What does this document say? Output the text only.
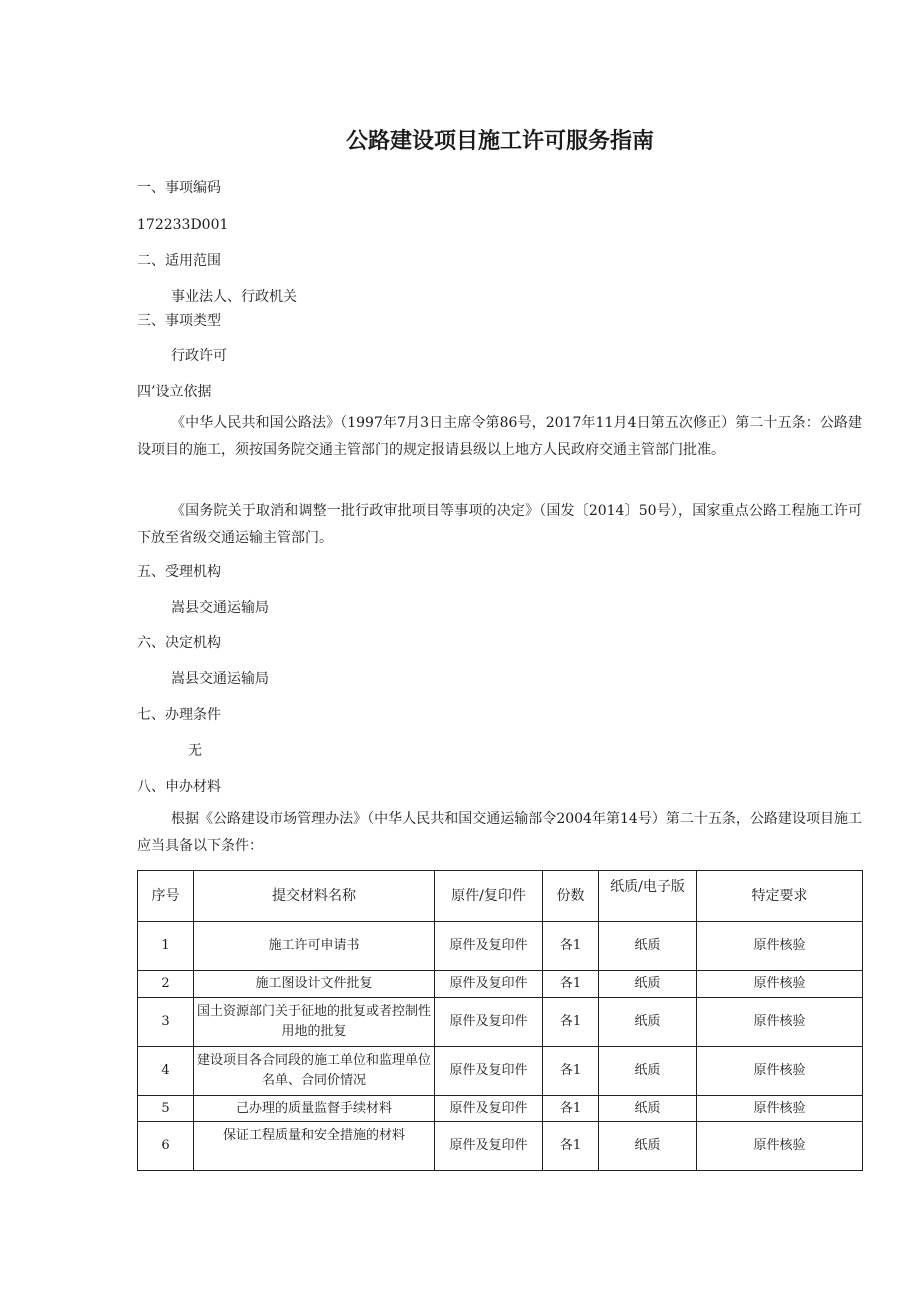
公路建设项目施工许可服务指南
一、事项编码
172233D001
二、适用范围
事业法人、行政机关
三、事项类型
行政许可
四’设立依据
《中华人民共和国公路法》（1997年7月3日主席令第86号，2017年11月4日第五次修正）第二十五条：公路建设项目的施工，须按国务院交通主管部门的规定报请县级以上地方人民政府交通主管部门批准。
《国务院关于取消和调整一批行政审批项目等事项的决定》（国发〔2014〕50号），国家重点公路工程施工许可下放至省级交通运输主管部门。
五、受理机构
嵩县交通运输局
六、决定机构
嵩县交通运输局
七、办理条件
无
八、申办材料
根据《公路建设市场管理办法》（中华人民共和国交通运输部令2004年第14号）第二十五条，公路建设项目施工应当具备以下条件：
序号	提交材料名称	原件/复印件	份数	纸质/电子版	特定要求
1	施工许可申请书	原件及复印件	各1	纸质	原件核验
2	施工图设计文件批复	原件及复印件	各1	纸质	原件核验
3	国土资源部门关于征地的批复或者控制性用地的批复	原件及复印件	各1	纸质	原件核验
4	建设项目各合同段的施工单位和监理单位名单、合同价情况	原件及复印件	各1	纸质	原件核验
5	己办理的质量监督手续材料	原件及复印件	各1	纸质	原件核验
6	保证工程质量和安全措施的材料	原件及复印件	各1	纸质	原件核验
